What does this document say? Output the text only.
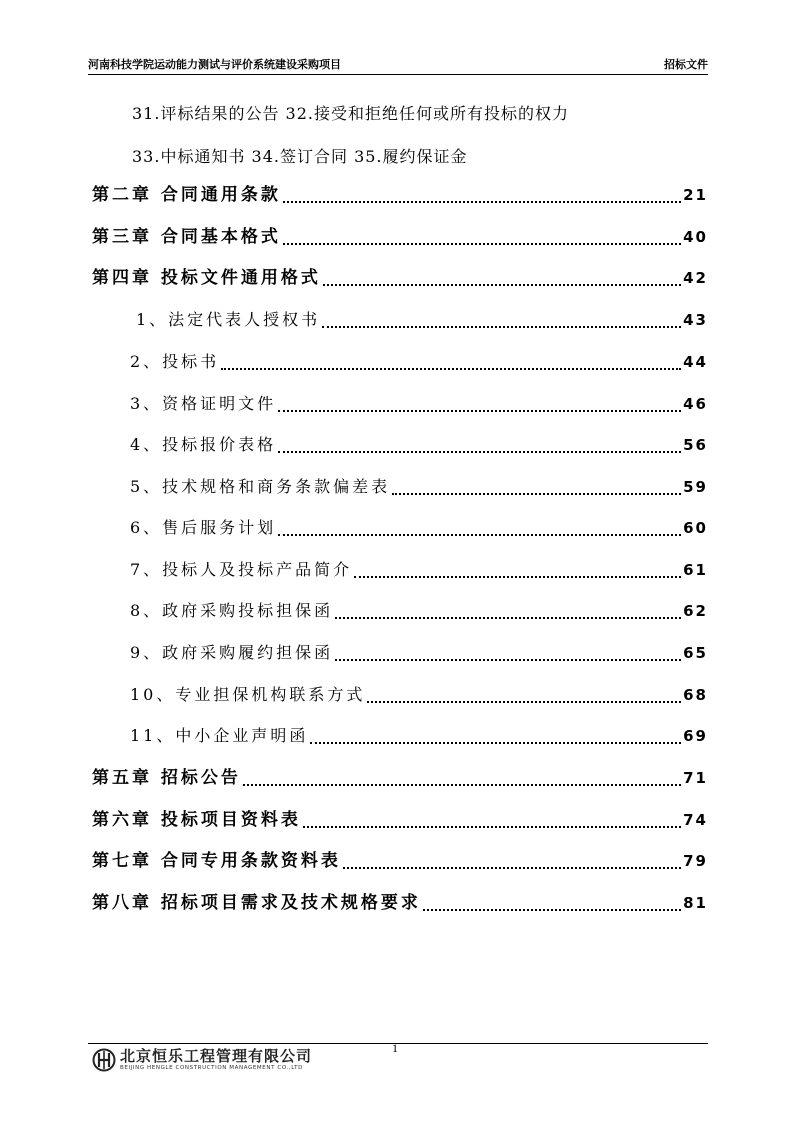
河南科技学院运动能力测试与评价系统建设采购项目	招标文件
31.评标结果的公告 32.接受和拒绝任何或所有投标的权力
33.中标通知书 34.签订合同 35.履约保证金
第二章 合同通用条款	21
第三章 合同基本格式	40
第四章 投标文件通用格式	42
1、法定代表人授权书	43
2、投标书	44
3、资格证明文件	46
4、投标报价表格	56
5、技术规格和商务条款偏差表	59
6、售后服务计划	60
7、投标人及投标产品简介	61
8、政府采购投标担保函	62
9、政府采购履约担保函	65
10、专业担保机构联系方式	68
11、中小企业声明函	69
第五章 招标公告	71
第六章 投标项目资料表	74
第七章 合同专用条款资料表	79
第八章 招标项目需求及技术规格要求	81
1
北京恒乐工程管理有限公司
BEIJING HENGLE CONSTRUCTION MANAGEMENT CO.,LTD
